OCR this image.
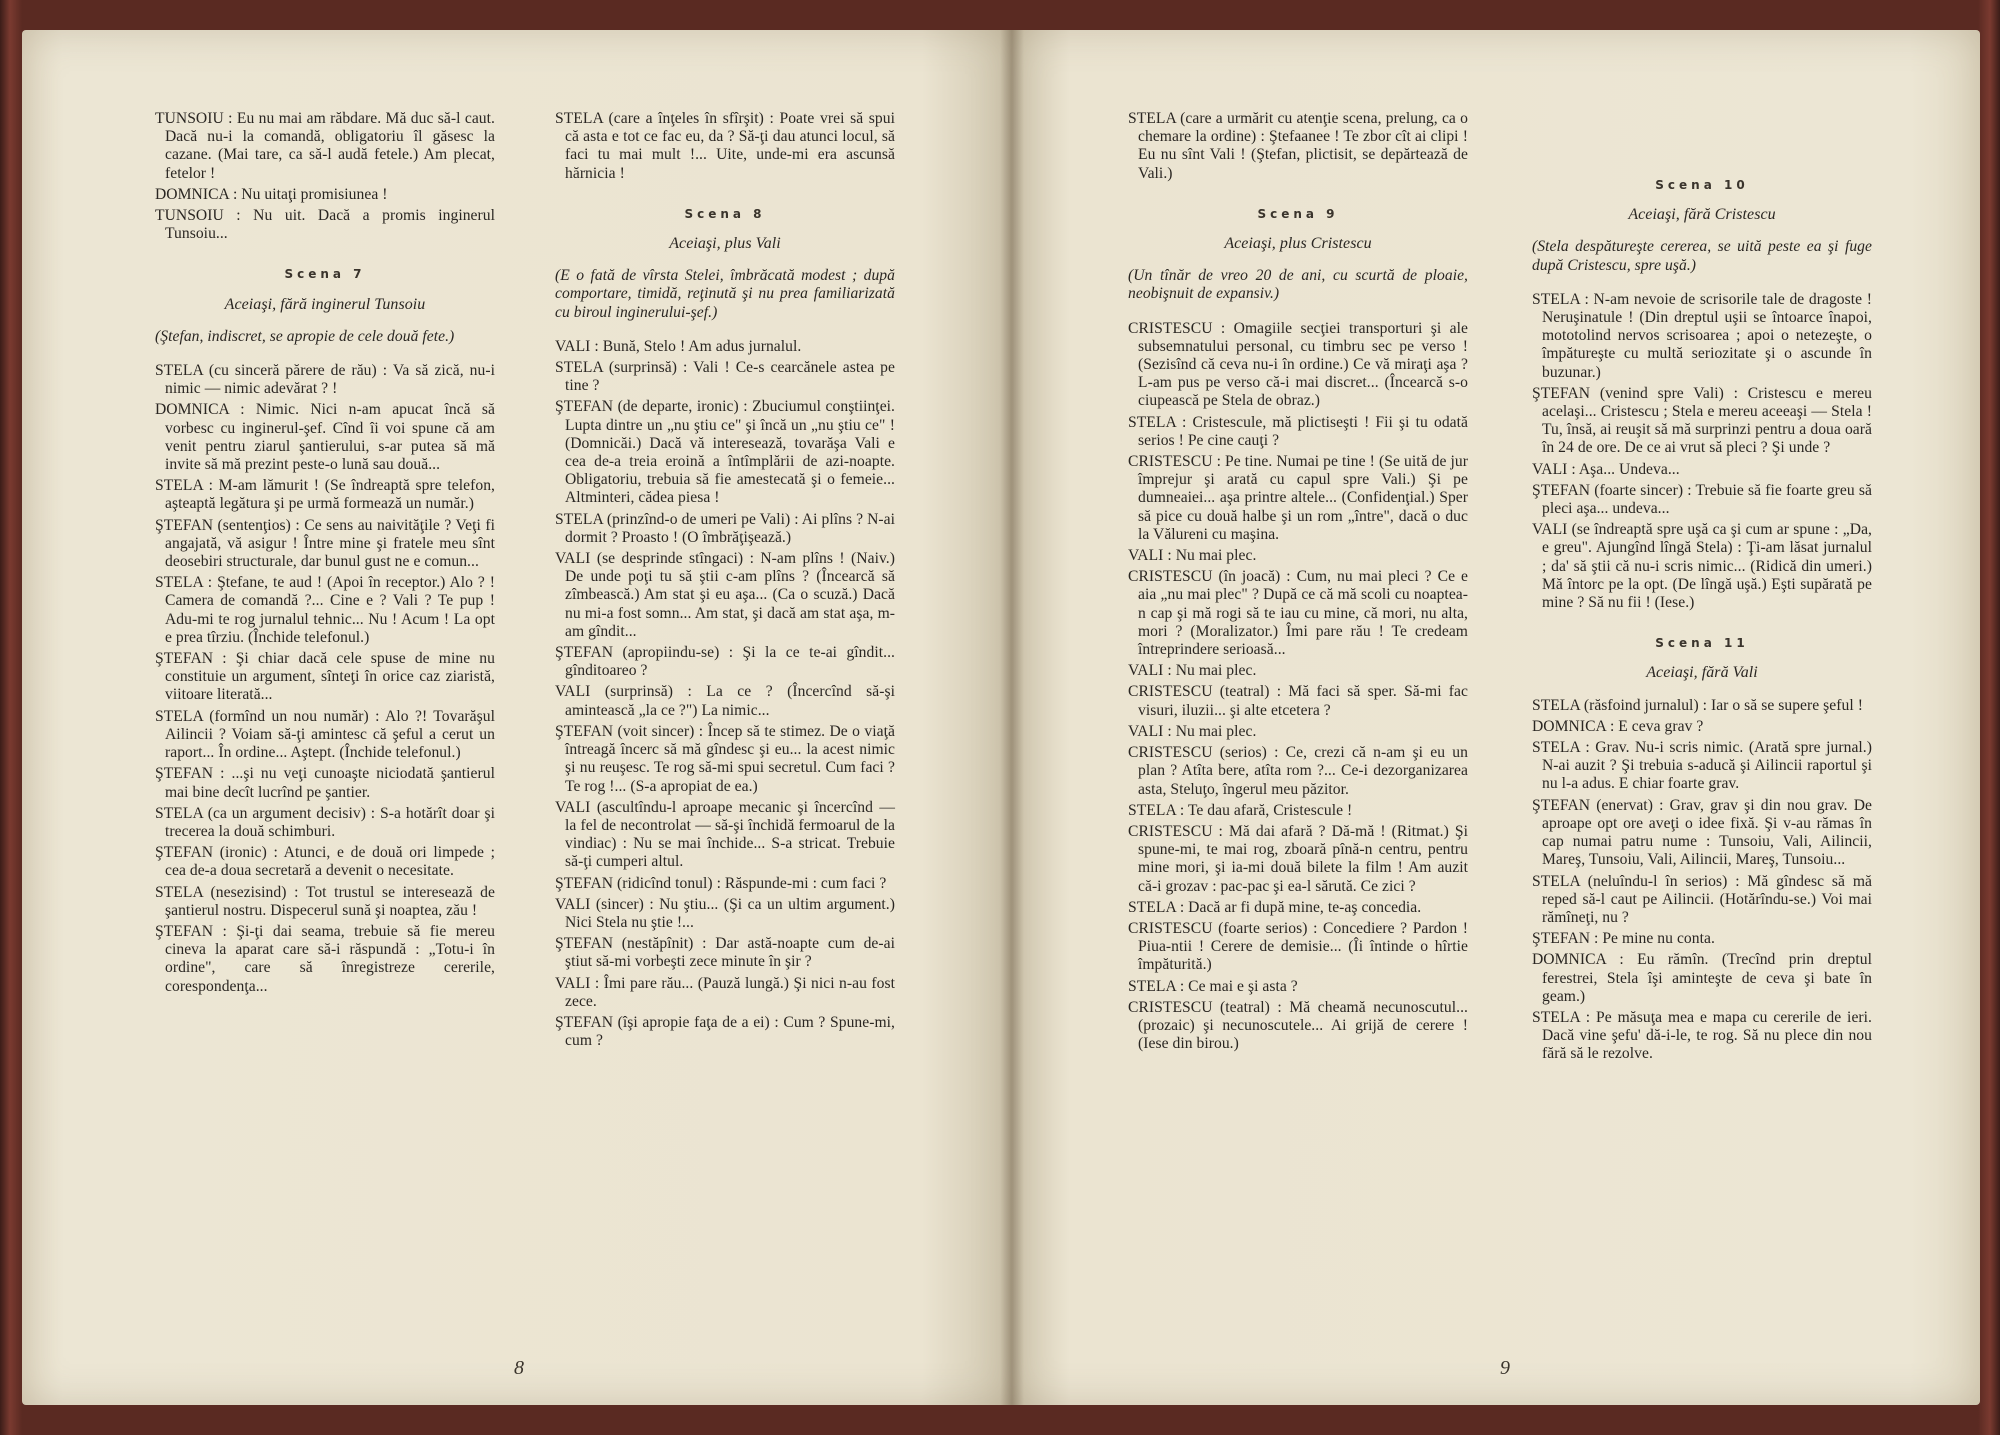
TUNSOIU : Eu nu mai am răbdare. Mă duc să-l caut. Dacă nu-i la comandă, obligatoriu îl găsesc la cazane. (Mai tare, ca să-l audă fetele.) Am plecat, fetelor !

DOMNICA : Nu uitaţi promisiunea !

TUNSOIU : Nu uit. Dacă a promis inginerul Tunsoiu...

Scena 7
Aceiaşi, fără inginerul Tunsoiu

(Ştefan, indiscret, se apropie de cele două fete.)

STELA (cu sinceră părere de rău) : Va să zică, nu-i nimic — nimic adevărat ? !

DOMNICA : Nimic. Nici n-am apucat încă să vorbesc cu inginerul-şef. Cînd îi voi spune că am venit pentru ziarul şantierului, s-ar putea să mă invite să mă prezint peste-o lună sau două...

STELA : M-am lămurit ! (Se îndreaptă spre telefon, aşteaptă legătura şi pe urmă formează un număr.)

ŞTEFAN (sentenţios) : Ce sens au naivităţile ? Veţi fi angajată, vă asigur ! Între mine şi fratele meu sînt deosebiri structurale, dar bunul gust ne e comun...

STELA : Ştefane, te aud ! (Apoi în receptor.) Alo ? ! Camera de comandă ?... Cine e ? Vali ? Te pup ! Adu-mi te rog jurnalul tehnic... Nu ! Acum ! La opt e prea tîrziu. (Închide telefonul.)

ŞTEFAN : Şi chiar dacă cele spuse de mine nu constituie un argument, sînteţi în orice caz ziaristă, viitoare literată...

STELA (formînd un nou număr) : Alo ?! Tovarăşul Ailincii ? Voiam să-ţi amintesc că şeful a cerut un raport... În ordine... Aştept. (Închide telefonul.)

ŞTEFAN : ...şi nu veţi cunoaşte niciodată şantierul mai bine decît lucrînd pe şantier.

STELA (ca un argument decisiv) : S-a hotărît doar şi trecerea la două schimburi.

ŞTEFAN (ironic) : Atunci, e de două ori limpede ; cea de-a doua secretară a devenit o necesitate.

STELA (nesezisind) : Tot trustul se interesează de şantierul nostru. Dispecerul sună şi noaptea, zău !

ŞTEFAN : Şi-ţi dai seama, trebuie să fie mereu cineva la aparat care să-i răspundă : „Totu-i în ordine", care să înregistreze cererile, corespondenţa...

STELA (care a înţeles în sfîrşit) : Poate vrei să spui că asta e tot ce fac eu, da ? Să-ţi dau atunci locul, să faci tu mai mult !... Uite, unde-mi era ascunsă hărnicia !

Scena 8
Aceiaşi, plus Vali

(E o fată de vîrsta Stelei, îmbrăcată modest ; după comportare, timidă, reţinută şi nu prea familiarizată cu biroul inginerului-şef.)

VALI : Bună, Stelo ! Am adus jurnalul.

STELA (surprinsă) : Vali ! Ce-s cearcănele astea pe tine ?

ŞTEFAN (de departe, ironic) : Zbuciumul conştiinţei. Lupta dintre un „nu ştiu ce" şi încă un „nu ştiu ce" ! (Domnicăi.) Dacă vă interesează, tovarăşa Vali e cea de-a treia eroină a întîmplării de azi-noapte. Obligatoriu, trebuia să fie amestecată şi o femeie... Altminteri, cădea piesa !

STELA (prinzînd-o de umeri pe Vali) : Ai plîns ? N-ai dormit ? Proasto ! (O îmbrăţişează.)

VALI (se desprinde stîngaci) : N-am plîns ! (Naiv.) De unde poţi tu să ştii c-am plîns ? (Încearcă să zîmbească.) Am stat şi eu aşa... (Ca o scuză.) Dacă nu mi-a fost somn... Am stat, şi dacă am stat aşa, m-am gîndit...

ŞTEFAN (apropiindu-se) : Şi la ce te-ai gîndit... gînditoareo ?

VALI (surprinsă) : La ce ? (Încercînd să-şi amintească „la ce ?") La nimic...

ŞTEFAN (voit sincer) : Încep să te stimez. De o viaţă întreagă încerc să mă gîndesc şi eu... la acest nimic şi nu reuşesc. Te rog să-mi spui secretul. Cum faci ? Te rog !... (S-a apropiat de ea.)

VALI (ascultîndu-l aproape mecanic şi încercînd — la fel de necontrolat — să-şi închidă fermoarul de la vindiac) : Nu se mai închide... S-a stricat. Trebuie să-ţi cumperi altul.

ŞTEFAN (ridicînd tonul) : Răspunde-mi : cum faci ?

VALI (sincer) : Nu ştiu... (Şi ca un ultim argument.) Nici Stela nu ştie !...

ŞTEFAN (nestăpînit) : Dar astă-noapte cum de-ai ştiut să-mi vorbeşti zece minute în şir ?

VALI : Îmi pare rău... (Pauză lungă.) Şi nici n-au fost zece.

ŞTEFAN (îşi apropie faţa de a ei) : Cum ? Spune-mi, cum ?

STELA (care a urmărit cu atenţie scena, prelung, ca o chemare la ordine) : Ştefaanee ! Te zbor cît ai clipi ! Eu nu sînt Vali ! (Ştefan, plictisit, se depărtează de Vali.)

Scena 9
Aceiaşi, plus Cristescu

(Un tînăr de vreo 20 de ani, cu scurtă de ploaie, neobişnuit de expansiv.)

CRISTESCU : Omagiile secţiei transporturi şi ale subsemnatului personal, cu timbru sec pe verso ! (Sezisînd că ceva nu-i în ordine.) Ce vă miraţi aşa ? L-am pus pe verso că-i mai discret... (Încearcă s-o ciupească pe Stela de obraz.)

STELA : Cristescule, mă plictiseşti ! Fii şi tu odată serios ! Pe cine cauţi ?

CRISTESCU : Pe tine. Numai pe tine ! (Se uită de jur împrejur şi arată cu capul spre Vali.) Şi pe dumneaiei... aşa printre altele... (Confidenţial.) Sper să pice cu două halbe şi un rom „între", dacă o duc la Vălureni cu maşina.

VALI : Nu mai plec.

CRISTESCU (în joacă) : Cum, nu mai pleci ? Ce e aia „nu mai plec" ? După ce că mă scoli cu noaptea-n cap şi mă rogi să te iau cu mine, că mori, nu alta, mori ? (Moralizator.) Îmi pare rău ! Te credeam întreprindere serioasă...

VALI : Nu mai plec.

CRISTESCU (teatral) : Mă faci să sper. Să-mi fac visuri, iluzii... şi alte etcetera ?

VALI : Nu mai plec.

CRISTESCU (serios) : Ce, crezi că n-am şi eu un plan ? Atîta bere, atîta rom ?... Ce-i dezorganizarea asta, Steluţo, îngerul meu păzitor.

STELA : Te dau afară, Cristescule !

CRISTESCU : Mă dai afară ? Dă-mă ! (Ritmat.) Şi spune-mi, te mai rog, zboară pînă-n centru, pentru mine mori, şi ia-mi două bilete la film ! Am auzit că-i grozav : pac-pac şi ea-l sărută. Ce zici ?

STELA : Dacă ar fi după mine, te-aş concedia.

CRISTESCU (foarte serios) : Concediere ? Pardon ! Piua-ntii ! Cerere de demisie... (Îi întinde o hîrtie împăturită.)

STELA : Ce mai e şi asta ?

CRISTESCU (teatral) : Mă cheamă necunoscutul... (prozaic) şi necunoscutele... Ai grijă de cerere ! (Iese din birou.)

Scena 10
Aceiaşi, fără Cristescu

(Stela despătureşte cererea, se uită peste ea şi fuge după Cristescu, spre uşă.)

STELA : N-am nevoie de scrisorile tale de dragoste ! Neruşinatule ! (Din dreptul uşii se întoarce înapoi, mototolind nervos scrisoarea ; apoi o netezeşte, o împătureşte cu multă seriozitate şi o ascunde în buzunar.)

ŞTEFAN (venind spre Vali) : Cristescu e mereu acelaşi... Cristescu ; Stela e mereu aceeaşi — Stela ! Tu, însă, ai reuşit să mă surprinzi pentru a doua oară în 24 de ore. De ce ai vrut să pleci ? Şi unde ?

VALI : Aşa... Undeva...

ŞTEFAN (foarte sincer) : Trebuie să fie foarte greu să pleci aşa... undeva...

VALI (se îndreaptă spre uşă ca şi cum ar spune : „Da, e greu". Ajungînd lîngă Stela) : Ţi-am lăsat jurnalul ; da' să ştii că nu-i scris nimic... (Ridică din umeri.) Mă întorc pe la opt. (De lîngă uşă.) Eşti supărată pe mine ? Să nu fii ! (Iese.)

Scena 11
Aceiaşi, fără Vali

STELA (răsfoind jurnalul) : Iar o să se supere şeful !

DOMNICA : E ceva grav ?

STELA : Grav. Nu-i scris nimic. (Arată spre jurnal.) N-ai auzit ? Şi trebuia s-aducă şi Ailincii raportul şi nu l-a adus. E chiar foarte grav.

ŞTEFAN (enervat) : Grav, grav şi din nou grav. De aproape opt ore aveţi o idee fixă. Şi v-au rămas în cap numai patru nume : Tunsoiu, Vali, Ailincii, Mareş, Tunsoiu, Vali, Ailincii, Mareş, Tunsoiu...

STELA (neluîndu-l în serios) : Mă gîndesc să mă reped să-l caut pe Ailincii. (Hotărîndu-se.) Voi mai rămîneţi, nu ?

ŞTEFAN : Pe mine nu conta.

DOMNICA : Eu rămîn. (Trecînd prin dreptul ferestrei, Stela îşi aminteşte de ceva şi bate în geam.)

STELA : Pe măsuţa mea e mapa cu cererile de ieri. Dacă vine şefu' dă-i-le, te rog. Să nu plece din nou fără să le rezolve.

8	9
